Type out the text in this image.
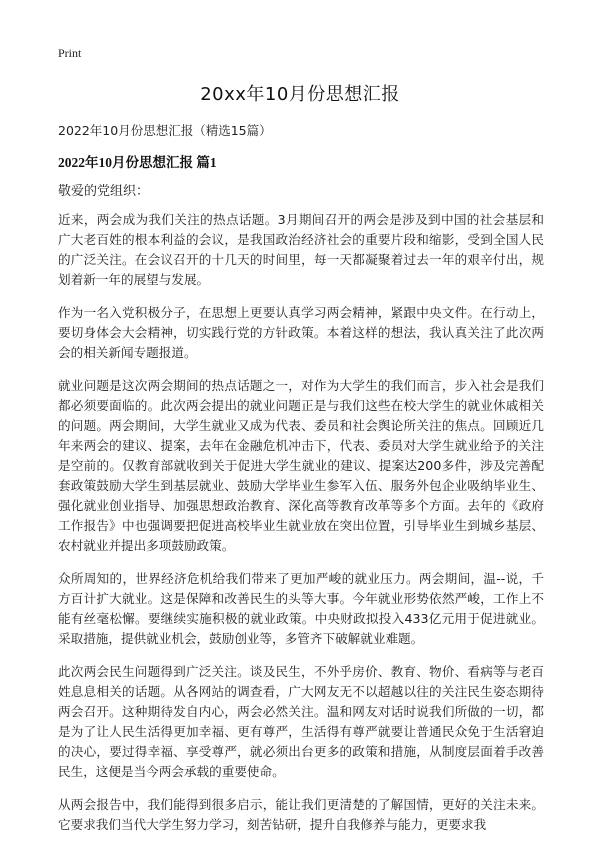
Print
20xx年10月份思想汇报

2022年10月份思想汇报（精选15篇）

2022年10月份思想汇报 篇1

敬爱的党组织：

近来，两会成为我们关注的热点话题。3月期间召开的两会是涉及到中国的社会基层和广大老百姓的根本利益的会议，是我国政治经济社会的重要片段和缩影，受到全国人民的广泛关注。在会议召开的十几天的时间里，每一天都凝聚着过去一年的艰辛付出，规划着新一年的展望与发展。

作为一名入党积极分子，在思想上更要认真学习两会精神，紧跟中央文件。在行动上，要切身体会大会精神，切实践行党的方针政策。本着这样的想法，我认真关注了此次两会的相关新闻专题报道。

就业问题是这次两会期间的热点话题之一，对作为大学生的我们而言，步入社会是我们都必须要面临的。此次两会提出的就业问题正是与我们这些在校大学生的就业休戚相关的问题。两会期间，大学生就业又成为代表、委员和社会舆论所关注的焦点。回顾近几年来两会的建议、提案，去年在金融危机冲击下，代表、委员对大学生就业给予的关注是空前的。仅教育部就收到关于促进大学生就业的建议、提案达200多件，涉及完善配套政策鼓励大学生到基层就业、鼓励大学毕业生参军入伍、服务外包企业吸纳毕业生、强化就业创业指导、加强思想政治教育、深化高等教育改革等多个方面。去年的《政府工作报告》中也强调要把促进高校毕业生就业放在突出位置，引导毕业生到城乡基层、农村就业并提出多项鼓励政策。

众所周知的，世界经济危机给我们带来了更加严峻的就业压力。两会期间，温--说，千方百计扩大就业。这是保障和改善民生的头等大事。今年就业形势依然严峻，工作上不能有丝毫松懈。要继续实施积极的就业政策。中央财政拟投入433亿元用于促进就业。采取措施，提供就业机会，鼓励创业等，多管齐下破解就业难题。

此次两会民生问题得到广泛关注。谈及民生，不外乎房价、教育、物价、看病等与老百姓息息相关的话题。从各网站的调查看，广大网友无不以超越以往的关注民生姿态期待两会召开。这种期待发自内心，两会必然关注。温和网友对话时说我们所做的一切，都是为了让人民生活得更加幸福、更有尊严，生活得有尊严就要让普通民众免于生活窘迫的决心，要过得幸福、享受尊严，就必须出台更多的政策和措施，从制度层面着手改善民生，这便是当今两会承载的重要使命。

从两会报告中，我们能得到很多启示，能让我们更清楚的了解国情，更好的关注未来。它要求我们当代大学生努力学习，刻苦钻研，提升自我修养与能力，更要求我
